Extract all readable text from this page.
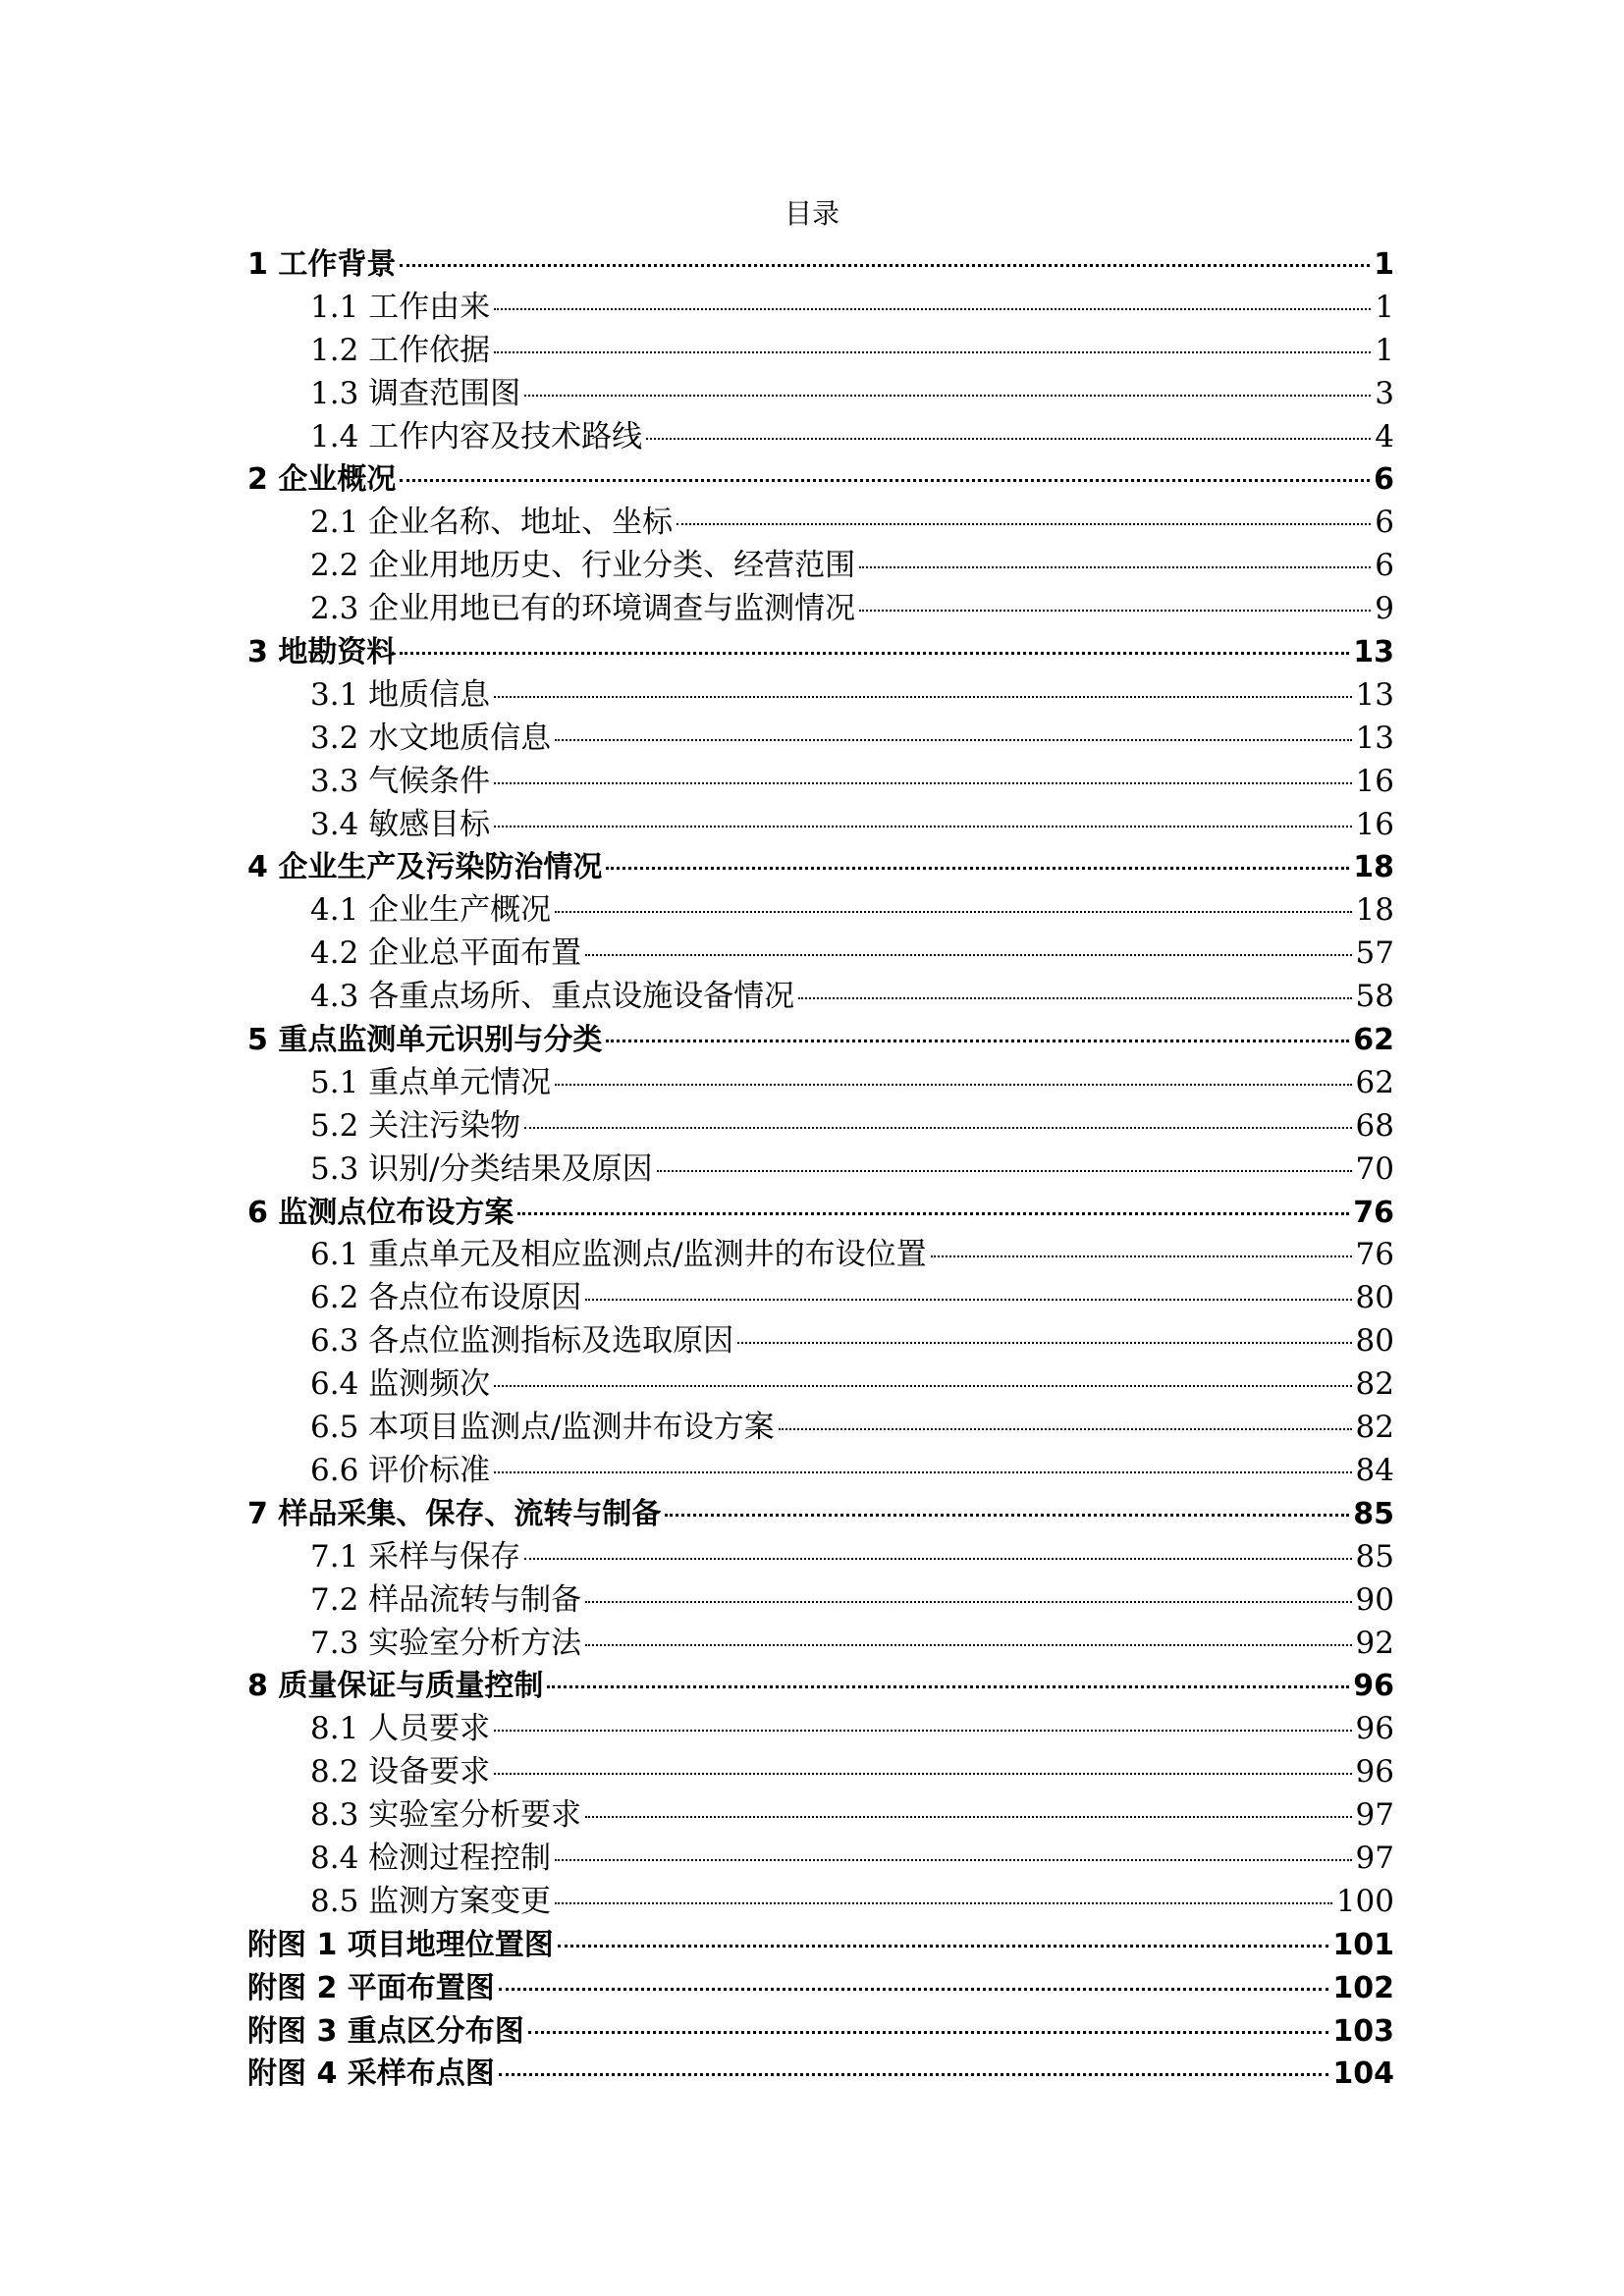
目录
1 工作背景	1
1.1 工作由来	1
1.2 工作依据	1
1.3 调查范围图	3
1.4 工作内容及技术路线	4
2 企业概况	6
2.1 企业名称、地址、坐标	6
2.2 企业用地历史、行业分类、经营范围	6
2.3 企业用地已有的环境调查与监测情况	9
3 地勘资料	13
3.1 地质信息	13
3.2 水文地质信息	13
3.3 气候条件	16
3.4 敏感目标	16
4 企业生产及污染防治情况	18
4.1 企业生产概况	18
4.2 企业总平面布置	57
4.3 各重点场所、重点设施设备情况	58
5 重点监测单元识别与分类	62
5.1 重点单元情况	62
5.2 关注污染物	68
5.3 识别/分类结果及原因	70
6 监测点位布设方案	76
6.1 重点单元及相应监测点/监测井的布设位置	76
6.2 各点位布设原因	80
6.3 各点位监测指标及选取原因	80
6.4 监测频次	82
6.5 本项目监测点/监测井布设方案	82
6.6 评价标准	84
7 样品采集、保存、流转与制备	85
7.1 采样与保存	85
7.2 样品流转与制备	90
7.3 实验室分析方法	92
8 质量保证与质量控制	96
8.1 人员要求	96
8.2 设备要求	96
8.3 实验室分析要求	97
8.4 检测过程控制	97
8.5 监测方案变更	100
附图 1 项目地理位置图	101
附图 2 平面布置图	102
附图 3 重点区分布图	103
附图 4 采样布点图	104
